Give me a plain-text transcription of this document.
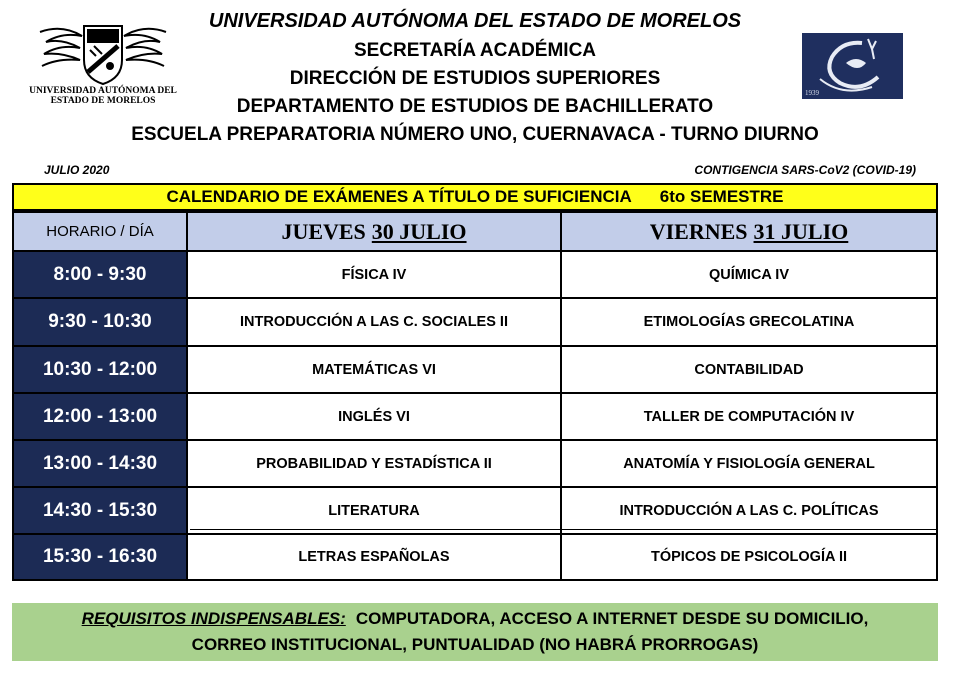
UNIVERSIDAD AUTÓNOMA DEL
ESTADO DE MORELOS
1939
UNIVERSIDAD AUTÓNOMA DEL ESTADO DE MORELOS
SECRETARÍA ACADÉMICA
DIRECCIÓN DE ESTUDIOS SUPERIORES
DEPARTAMENTO DE ESTUDIOS DE BACHILLERATO
ESCUELA PREPARATORIA NÚMERO UNO, CUERNAVACA - TURNO DIURNO
JULIO 2020	CONTIGENCIA SARS-CoV2 (COVID-19)
CALENDARIO DE EXÁMENES A TÍTULO DE SUFICIENCIA 6to SEMESTRE
HORARIO / DÍA	JUEVES 30 JULIO	VIERNES 31 JULIO
8:00 - 9:30	FÍSICA IV	QUÍMICA IV
9:30 - 10:30	INTRODUCCIÓN A LAS C. SOCIALES II	ETIMOLOGÍAS GRECOLATINA
10:30 - 12:00	MATEMÁTICAS VI	CONTABILIDAD
12:00 - 13:00	INGLÉS VI	TALLER DE COMPUTACIÓN IV
13:00 - 14:30	PROBABILIDAD Y ESTADÍSTICA II	ANATOMÍA Y FISIOLOGÍA GENERAL
14:30 - 15:30	LITERATURA	INTRODUCCIÓN A LAS C. POLÍTICAS
15:30 - 16:30	LETRAS ESPAÑOLAS	TÓPICOS DE PSICOLOGÍA II
REQUISITOS INDISPENSABLES: COMPUTADORA, ACCESO A INTERNET DESDE SU DOMICILIO,
CORREO INSTITUCIONAL, PUNTUALIDAD (NO HABRÁ PRORROGAS)
